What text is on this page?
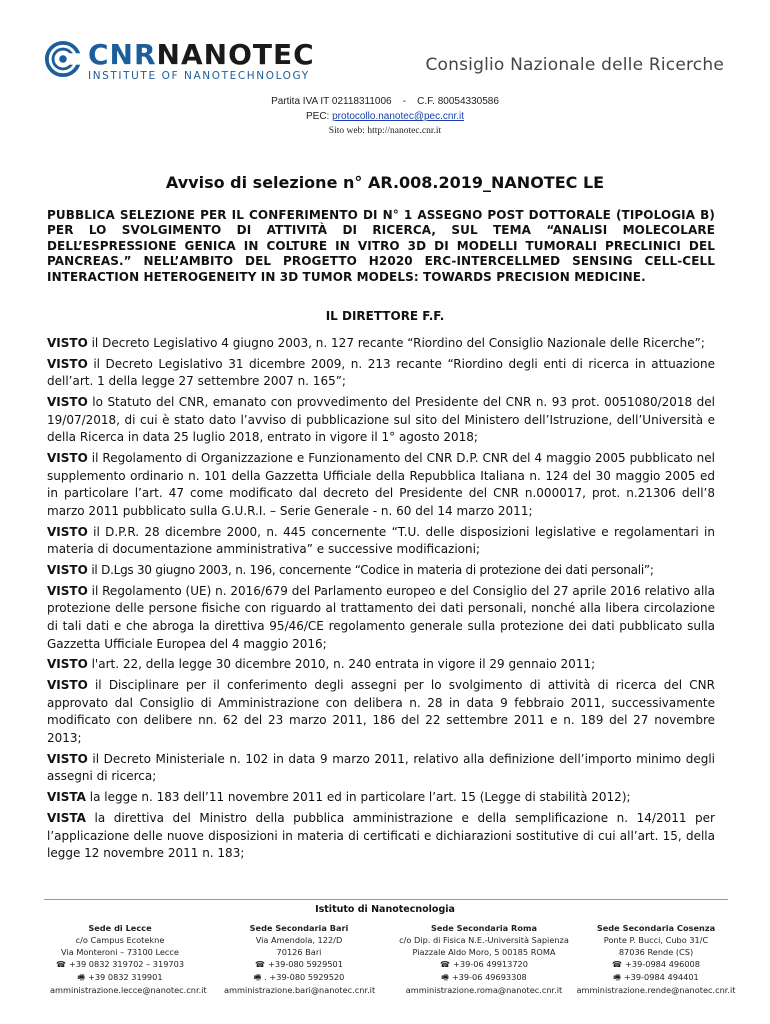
CNRNANOTEC
INSTITUTE OF NANOTECHNOLOGY
Consiglio Nazionale delle Ricerche
Partita IVA IT 02118311006    -    C.F. 80054330586
PEC: protocollo.nanotec@pec.cnr.it
Sito web: http://nanotec.cnr.it
Avviso di selezione n° AR.008.2019_NANOTEC LE
PUBBLICA SELEZIONE PER IL CONFERIMENTO DI N° 1 ASSEGNO POST DOTTORALE (TIPOLOGIA B) PER LO SVOLGIMENTO DI ATTIVITÀ DI RICERCA, SUL TEMA “ANALISI MOLECOLARE DELL’ESPRESSIONE GENICA IN COLTURE IN VITRO 3D DI MODELLI TUMORALI PRECLINICI DEL PANCREAS.” NELL’AMBITO DEL PROGETTO H2020 ERC-INTERCELLMED SENSING CELL-CELL INTERACTION HETEROGENEITY IN 3D TUMOR MODELS: TOWARDS PRECISION MEDICINE.
IL DIRETTORE F.F.

VISTO il Decreto Legislativo 4 giugno 2003, n. 127 recante “Riordino del Consiglio Nazionale delle Ricerche”;

VISTO il Decreto Legislativo 31 dicembre 2009, n. 213 recante “Riordino degli enti di ricerca in attuazione dell’art. 1 della legge 27 settembre 2007 n. 165”;

VISTO lo Statuto del CNR, emanato con provvedimento del Presidente del CNR n. 93 prot. 0051080/2018 del 19/07/2018, di cui è stato dato l’avviso di pubblicazione sul sito del Ministero dell’Istruzione, dell’Università e della Ricerca in data 25 luglio 2018, entrato in vigore il 1° agosto 2018;

VISTO il Regolamento di Organizzazione e Funzionamento del CNR D.P. CNR del 4 maggio 2005 pubblicato nel supplemento ordinario n. 101 della Gazzetta Ufficiale della Repubblica Italiana n. 124 del 30 maggio 2005 ed in particolare l’art. 47 come modificato dal decreto del Presidente del CNR n.000017, prot. n.21306 dell’8 marzo 2011 pubblicato sulla G.U.R.I. – Serie Generale - n. 60 del 14 marzo 2011;

VISTO il D.P.R. 28 dicembre 2000, n. 445 concernente “T.U. delle disposizioni legislative e regolamentari in materia di documentazione amministrativa” e successive modificazioni;

VISTO il D.Lgs 30 giugno 2003, n. 196, concernente “Codice in materia di protezione dei dati personali”;

VISTO il Regolamento (UE) n. 2016/679 del Parlamento europeo e del Consiglio del 27 aprile 2016 relativo alla protezione delle persone fisiche con riguardo al trattamento dei dati personali, nonché alla libera circolazione di tali dati e che abroga la direttiva 95/46/CE regolamento generale sulla protezione dei dati pubblicato sulla Gazzetta Ufficiale Europea del 4 maggio 2016;

VISTO l'art. 22, della legge 30 dicembre 2010, n. 240 entrata in vigore il 29 gennaio 2011;

VISTO il Disciplinare per il conferimento degli assegni per lo svolgimento di attività di ricerca del CNR approvato dal Consiglio di Amministrazione con delibera n. 28 in data 9 febbraio 2011, successivamente modificato con delibere nn. 62 del 23 marzo 2011, 186 del 22 settembre 2011 e n. 189 del 27 novembre 2013;

VISTO il Decreto Ministeriale n. 102 in data 9 marzo 2011, relativo alla definizione dell’importo minimo degli assegni di ricerca;

VISTA la legge n. 183 dell’11 novembre 2011 ed in particolare l’art. 15 (Legge di stabilità 2012);

VISTA la direttiva del Ministro della pubblica amministrazione e della semplificazione n. 14/2011 per l’applicazione delle nuove disposizioni in materia di certificati e dichiarazioni sostitutive di cui all’art. 15, della legge 12 novembre 2011 n. 183;

Istituto di Nanotecnologia
Sede di Lecce
c/o Campus Ecotekne
Via Monteroni – 73100 Lecce
☎ +39 0832 319702 – 319703
🖷 +39 0832 319901
amministrazione.lecce@nanotec.cnr.it
Sede Secondaria Bari
Via Amendola, 122/D
70126 Bari
☎ +39-080 5929501
🖷 . +39-080 5929520
amministrazione.bari@nanotec.cnr.it
Sede Secondaria Roma
c/o Dip. di Fisica N.E.-Università Sapienza
Piazzale Aldo Moro, 5 00185 ROMA
☎ +39-06 49913720
🖷 +39-06 49693308
amministrazione.roma@nanotec.cnr.it
Sede Secondaria Cosenza
Ponte P. Bucci, Cubo 31/C
87036 Rende (CS)
☎ +39-0984 496008
🖷 +39-0984 494401
amministrazione.rende@nanotec.cnr.it
